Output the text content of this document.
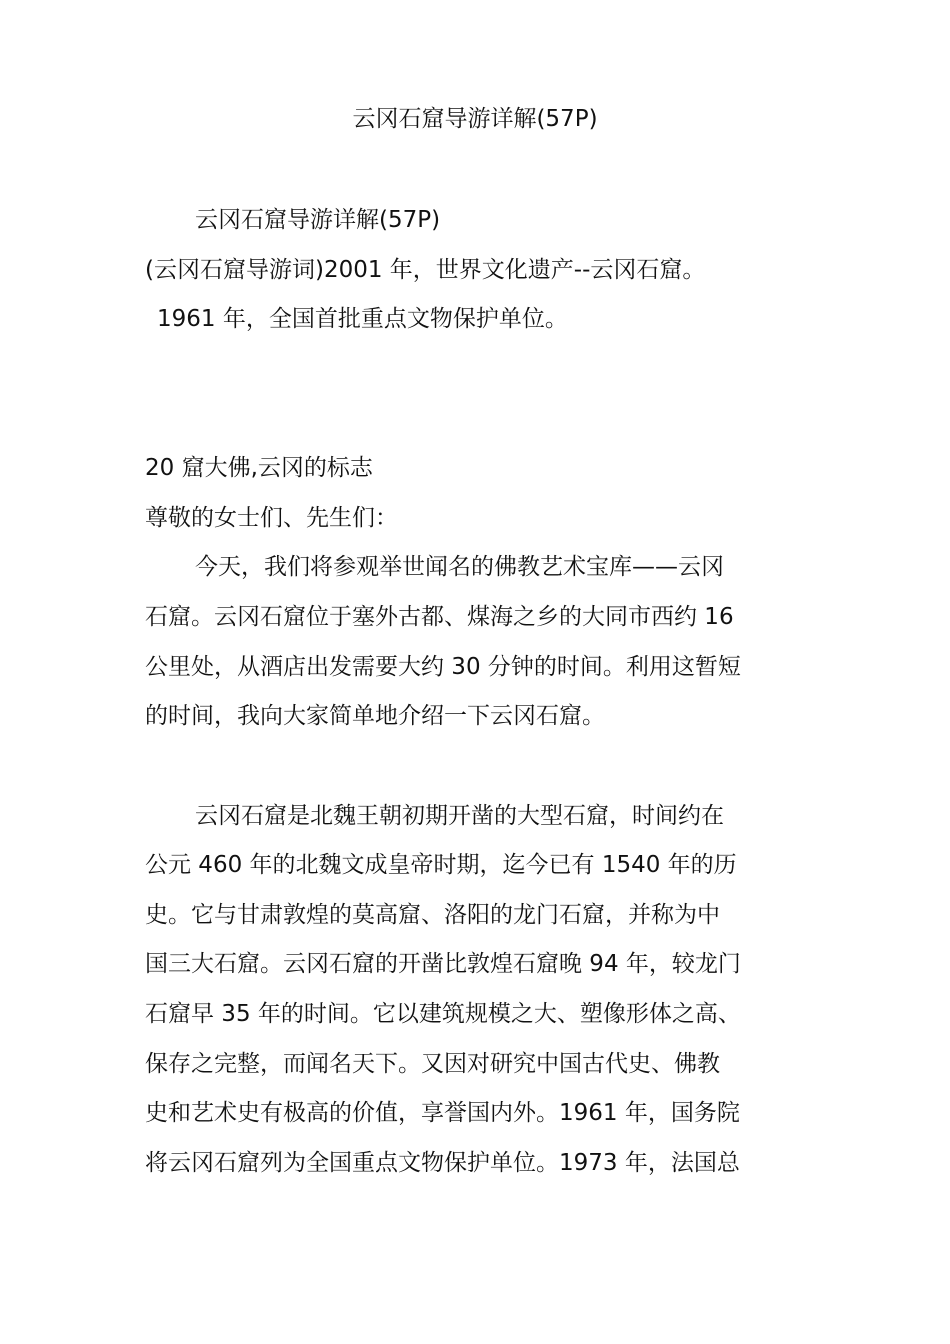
云冈石窟导游详解(57P)
云冈石窟导游详解(57P)
(云冈石窟导游词)2001 年，世界文化遗产--云冈石窟。
1961 年，全国首批重点文物保护单位。
20 窟大佛,云冈的标志
尊敬的女士们、先生们：
今天，我们将参观举世闻名的佛教艺术宝库——云冈
石窟。云冈石窟位于塞外古都、煤海之乡的大同市西约 16
公里处，从酒店出发需要大约 30 分钟的时间。利用这暂短
的时间，我向大家简单地介绍一下云冈石窟。
云冈石窟是北魏王朝初期开凿的大型石窟，时间约在
公元 460 年的北魏文成皇帝时期，迄今已有 1540 年的历
史。它与甘肃敦煌的莫高窟、洛阳的龙门石窟，并称为中
国三大石窟。云冈石窟的开凿比敦煌石窟晚 94 年，较龙门
石窟早 35 年的时间。它以建筑规模之大、塑像形体之高、
保存之完整，而闻名天下。又因对研究中国古代史、佛教
史和艺术史有极高的价值，享誉国内外。1961 年，国务院
将云冈石窟列为全国重点文物保护单位。1973 年，法国总
